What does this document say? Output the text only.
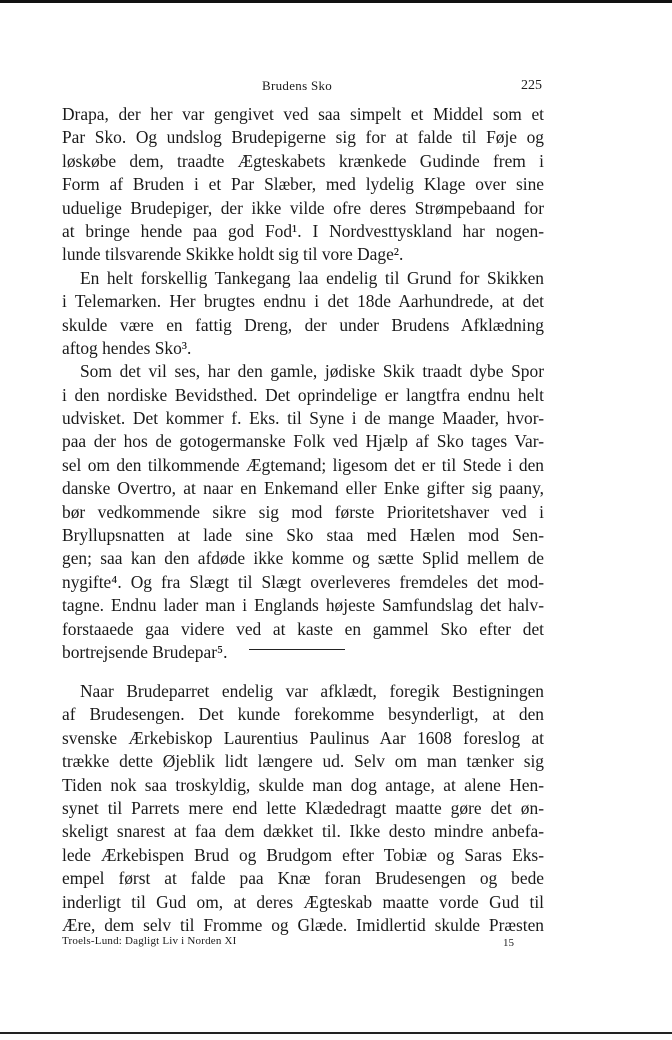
Brudens Sko	225
Drapa, der her var gengivet ved saa simpelt et Middel som et
Par Sko. Og undslog Brudepigerne sig for at falde til Føje og
løskøbe dem, traadte Ægteskabets krænkede Gudinde frem i
Form af Bruden i et Par Slæber, med lydelig Klage over sine
uduelige Brudepiger, der ikke vilde ofre deres Strømpebaand for
at bringe hende paa god Fod¹. I Nordvesttyskland har nogen-
lunde tilsvarende Skikke holdt sig til vore Dage².
En helt forskellig Tankegang laa endelig til Grund for Skikken
i Telemarken. Her brugtes endnu i det 18de Aarhundrede, at det
skulde være en fattig Dreng, der under Brudens Afklædning
aftog hendes Sko³.
Som det vil ses, har den gamle, jødiske Skik traadt dybe Spor
i den nordiske Bevidsthed. Det oprindelige er langtfra endnu helt
udvisket. Det kommer f. Eks. til Syne i de mange Maader, hvor-
paa der hos de gotogermanske Folk ved Hjælp af Sko tages Var-
sel om den tilkommende Ægtemand; ligesom det er til Stede i den
danske Overtro, at naar en Enkemand eller Enke gifter sig paany,
bør vedkommende sikre sig mod første Prioritetshaver ved i
Bryllupsnatten at lade sine Sko staa med Hælen mod Sen-
gen; saa kan den afdøde ikke komme og sætte Splid mellem de
nygifte⁴. Og fra Slægt til Slægt overleveres fremdeles det mod-
tagne. Endnu lader man i Englands højeste Samfundslag det halv-
forstaaede gaa videre ved at kaste en gammel Sko efter det
bortrejsende Brudepar⁵.
Naar Brudeparret endelig var afklædt, foregik Bestigningen
af Brudesengen. Det kunde forekomme besynderligt, at den
svenske Ærkebiskop Laurentius Paulinus Aar 1608 foreslog at
trække dette Øjeblik lidt længere ud. Selv om man tænker sig
Tiden nok saa troskyldig, skulde man dog antage, at alene Hen-
synet til Parrets mere end lette Klædedragt maatte gøre det øn-
skeligt snarest at faa dem dækket til. Ikke desto mindre anbefa-
lede Ærkebispen Brud og Brudgom efter Tobiæ og Saras Eks-
empel først at falde paa Knæ foran Brudesengen og bede
inderligt til Gud om, at deres Ægteskab maatte vorde Gud til
Ære, dem selv til Fromme og Glæde. Imidlertid skulde Præsten
Troels-Lund: Dagligt Liv i Norden XI	15
